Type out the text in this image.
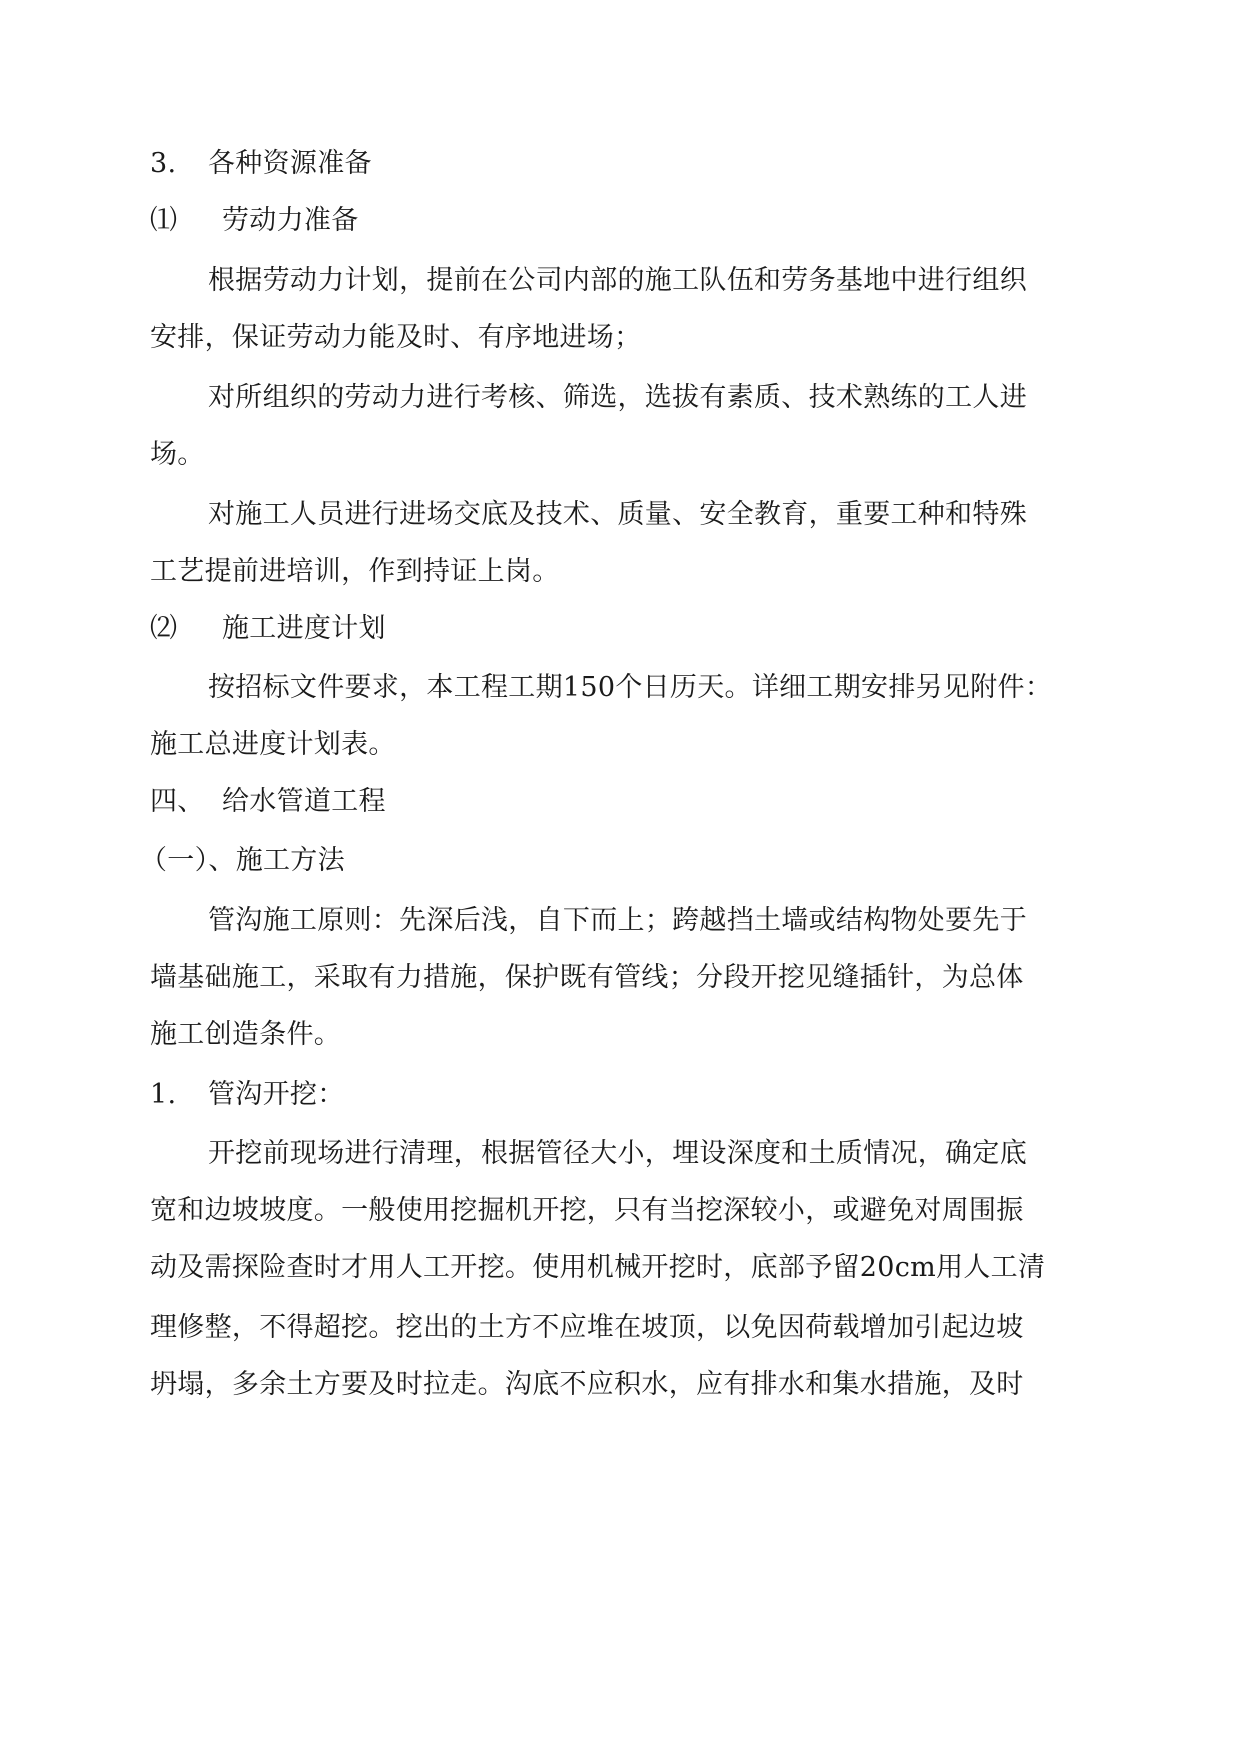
3. 各种资源准备
⑴ 劳动力准备
根据劳动力计划，提前在公司内部的施工队伍和劳务基地中进行组织
安排，保证劳动力能及时、有序地进场；
对所组织的劳动力进行考核、筛选，选拔有素质、技术熟练的工人进
场。
对施工人员进行进场交底及技术、质量、安全教育，重要工种和特殊
工艺提前进培训，作到持证上岗。
⑵ 施工进度计划
按招标文件要求，本工程工期150个日历天。详细工期安排另见附件：
施工总进度计划表。
四、 给水管道工程
（一）、施工方法
管沟施工原则：先深后浅，自下而上；跨越挡土墙或结构物处要先于
墙基础施工，采取有力措施，保护既有管线；分段开挖见缝插针，为总体
施工创造条件。
1. 管沟开挖：
开挖前现场进行清理，根据管径大小，埋设深度和土质情况，确定底
宽和边坡坡度。一般使用挖掘机开挖，只有当挖深较小，或避免对周围振
动及需探险查时才用人工开挖。使用机械开挖时，底部予留20cm用人工清
理修整，不得超挖。挖出的土方不应堆在坡顶，以免因荷载增加引起边坡
坍塌，多余土方要及时拉走。沟底不应积水，应有排水和集水措施，及时
